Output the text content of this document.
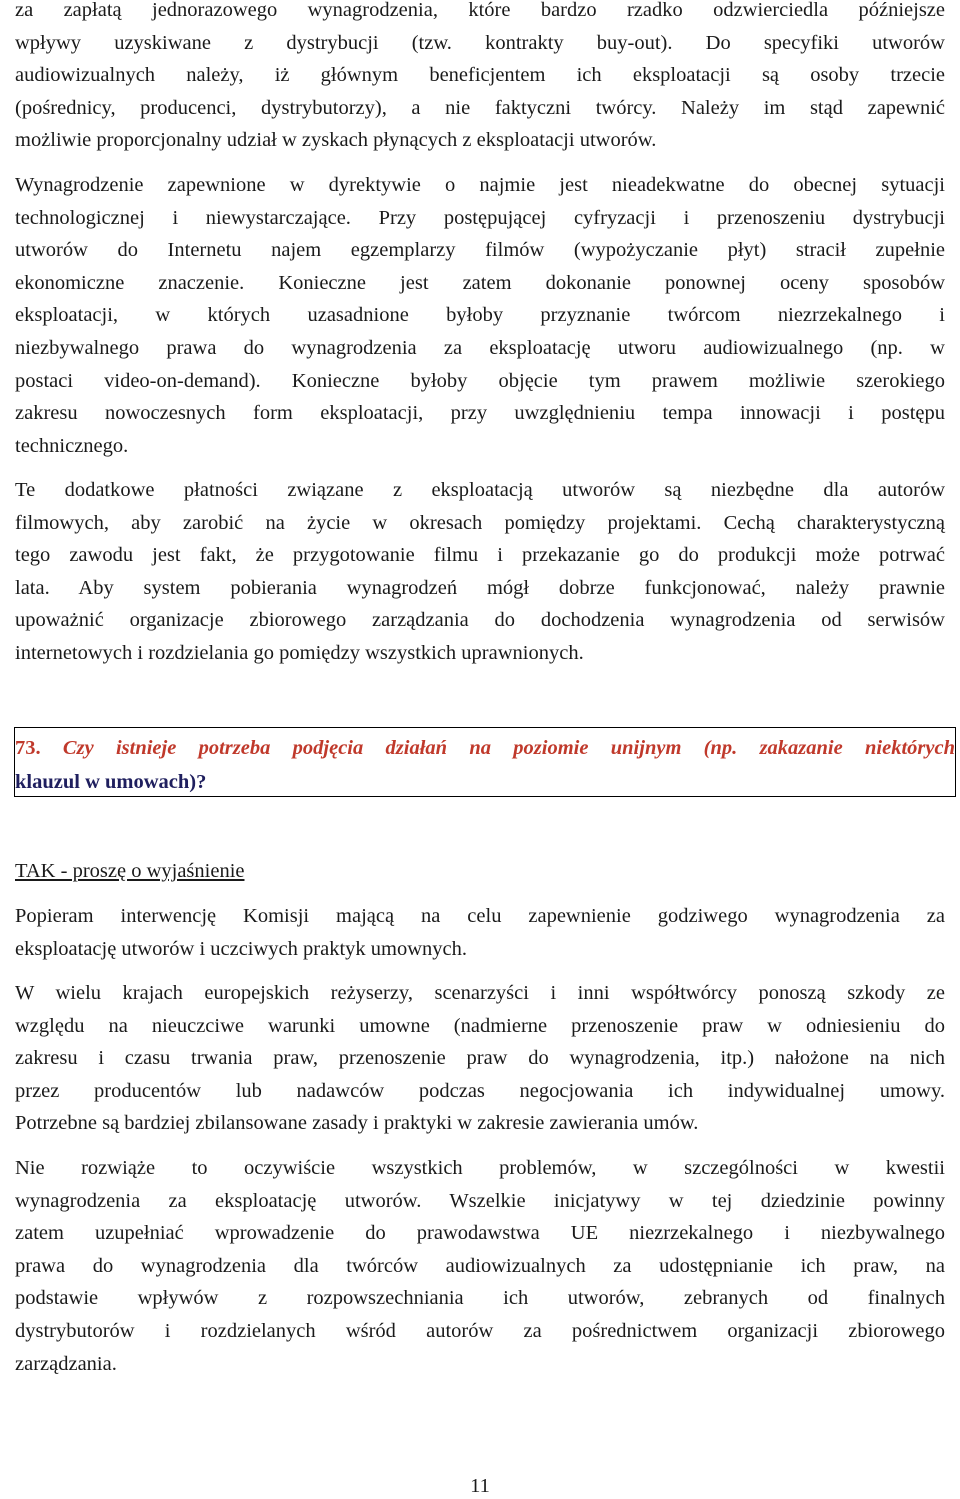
za zapłatą jednorazowego wynagrodzenia, które bardzo rzadko odzwierciedla późniejsze
wpływy uzyskiwane z dystrybucji (tzw. kontrakty buy-out). Do specyfiki utworów
audiowizualnych należy, iż głównym beneficjentem ich eksploatacji są osoby trzecie
(pośrednicy, producenci, dystrybutorzy), a nie faktyczni twórcy. Należy im stąd zapewnić
możliwie proporcjonalny udział w zyskach płynących z eksploatacji utworów.

Wynagrodzenie zapewnione w dyrektywie o najmie jest nieadekwatne do obecnej sytuacji
technologicznej i niewystarczające. Przy postępującej cyfryzacji i przenoszeniu dystrybucji
utworów do Internetu najem egzemplarzy filmów (wypożyczanie płyt) stracił zupełnie
ekonomiczne znaczenie. Konieczne jest zatem dokonanie ponownej oceny sposobów
eksploatacji, w których uzasadnione byłoby przyznanie twórcom niezrzekalnego i
niezbywalnego prawa do wynagrodzenia za eksploatację utworu audiowizualnego (np. w
postaci video-on-demand). Konieczne byłoby objęcie tym prawem możliwie szerokiego
zakresu nowoczesnych form eksploatacji, przy uwzględnieniu tempa innowacji i postępu
technicznego.

Te dodatkowe płatności związane z eksploatacją utworów są niezbędne dla autorów
filmowych, aby zarobić na życie w okresach pomiędzy projektami. Cechą charakterystyczną
tego zawodu jest fakt, że przygotowanie filmu i przekazanie go do produkcji może potrwać
lata. Aby system pobierania wynagrodzeń mógł dobrze funkcjonować, należy prawnie
upoważnić organizacje zbiorowego zarządzania do dochodzenia wynagrodzenia od serwisów
internetowych i rozdzielania go pomiędzy wszystkich uprawnionych.

73. Czy istnieje potrzeba podjęcia działań na poziomie unijnym (np. zakazanie niektórych
klauzul w umowach)?

TAK - proszę o wyjaśnienie

Popieram interwencję Komisji mającą na celu zapewnienie godziwego wynagrodzenia za
eksploatację utworów i uczciwych praktyk umownych.

W wielu krajach europejskich reżyserzy, scenarzyści i inni współtwórcy ponoszą szkody ze
względu na nieuczciwe warunki umowne (nadmierne przenoszenie praw w odniesieniu do
zakresu i czasu trwania praw, przenoszenie praw do wynagrodzenia, itp.) nałożone na nich
przez producentów lub nadawców podczas negocjowania ich indywidualnej umowy.
Potrzebne są bardziej zbilansowane zasady i praktyki w zakresie zawierania umów.

Nie rozwiąże to oczywiście wszystkich problemów, w szczególności w kwestii
wynagrodzenia za eksploatację utworów. Wszelkie inicjatywy w tej dziedzinie powinny
zatem uzupełniać wprowadzenie do prawodawstwa UE niezrzekalnego i niezbywalnego
prawa do wynagrodzenia dla twórców audiowizualnych za udostępnianie ich praw, na
podstawie wpływów z rozpowszechniania ich utworów, zebranych od finalnych
dystrybutorów i rozdzielanych wśród autorów za pośrednictwem organizacji zbiorowego
zarządzania.

11
